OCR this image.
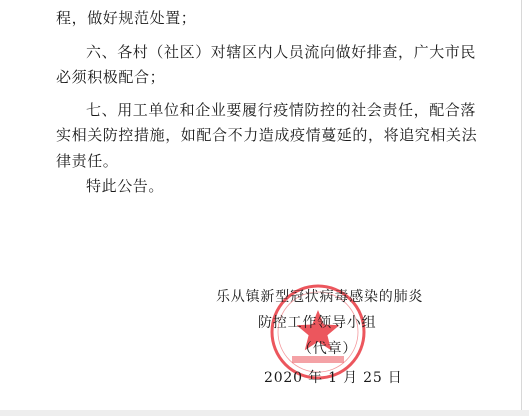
程，做好规范处置；
六、各村（社区）对辖区内人员流向做好排查，广大市民
必须积极配合；
七、用工单位和企业要履行疫情防控的社会责任，配合落
实相关防控措施，如配合不力造成疫情蔓延的，将追究相关法
律责任。
特此公告。
乐从镇新型冠状病毒感染的肺炎
防控工作领导小组
（代章）
2020 年 1 月 25 日
